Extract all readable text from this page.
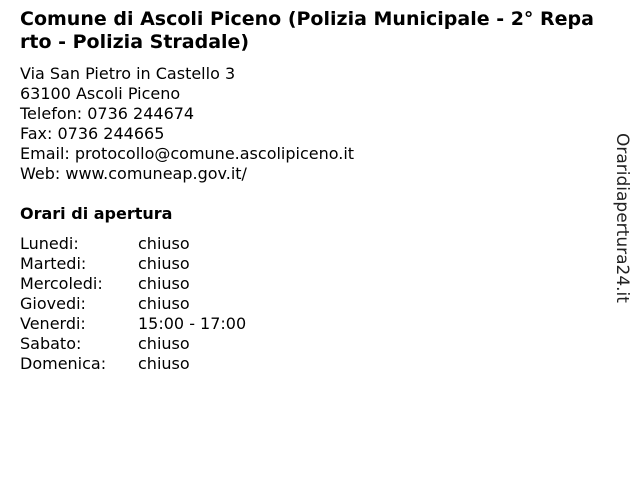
Comune di Ascoli Piceno (Polizia Municipale - 2° Reparto - Polizia Stradale)
Via San Pietro in Castello 3
63100 Ascoli Piceno
Telefon: 0736 244674
Fax: 0736 244665
Email: protocollo@comune.ascolipiceno.it
Web: www.comuneap.gov.it/
Orari di apertura
Lunedi:	chiuso
Martedi:	chiuso
Mercoledi:	chiuso
Giovedi:	chiuso
Venerdi:	15:00 - 17:00
Sabato:	chiuso
Domenica:	chiuso
Oraridiapertura24.it
